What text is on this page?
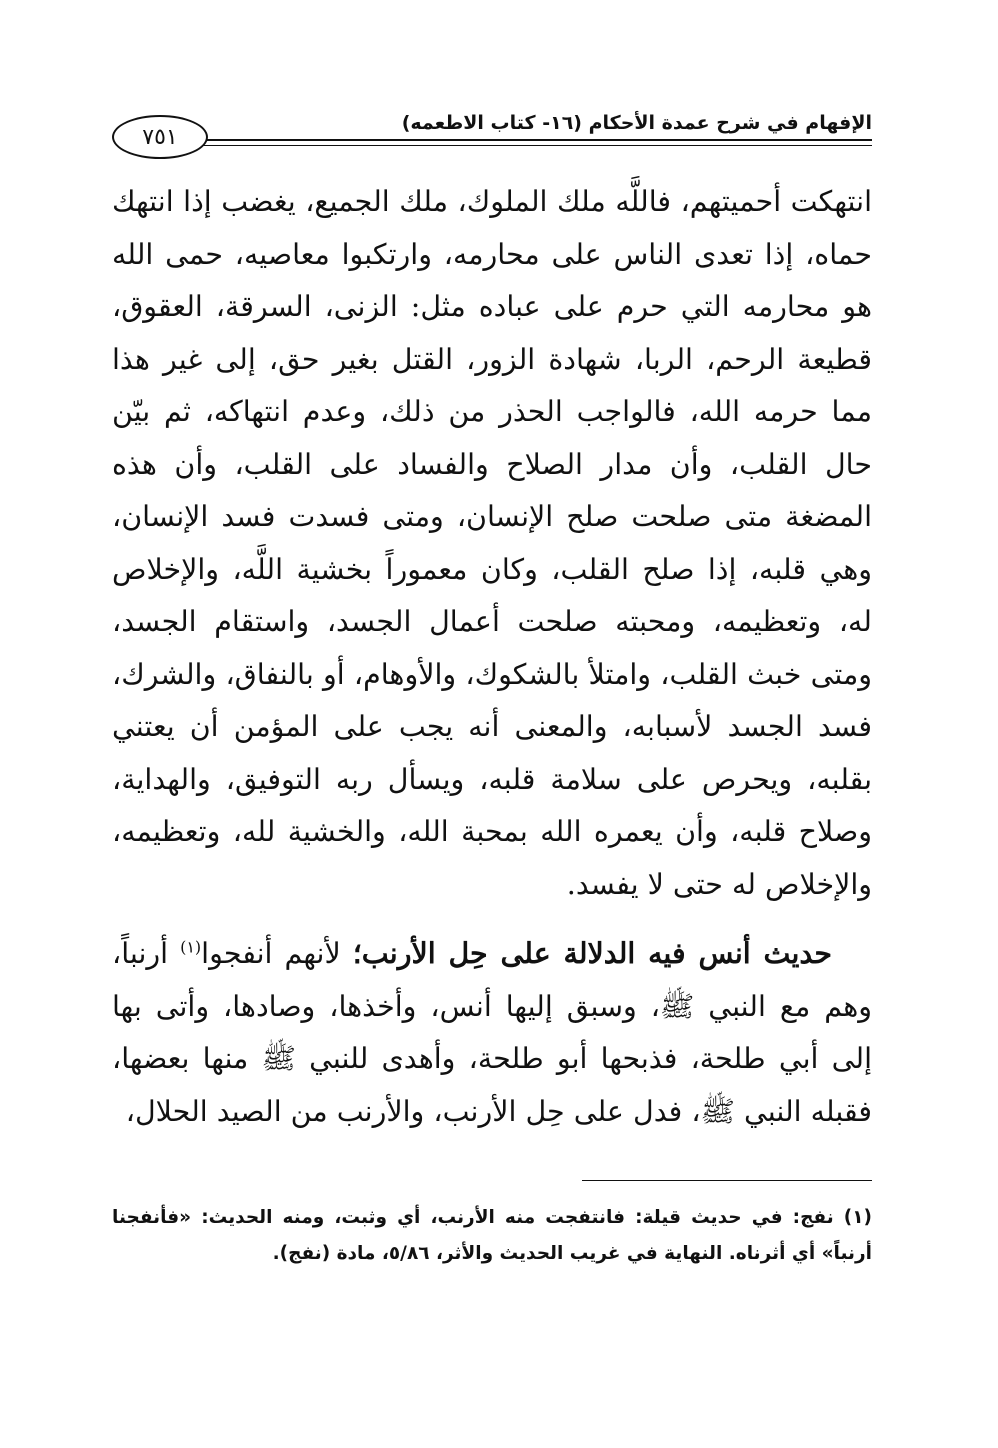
الإفهام في شرح عمدة الأحكام (١٦- كتاب الاطعمه)
٧٥١

انتهكت أحميتهم، فاللَّه ملك الملوك، ملك الجميع، يغضب إذا انتهك حماه، إذا تعدى الناس على محارمه، وارتكبوا معاصيه، حمى الله هو محارمه التي حرم على عباده مثل: الزنى، السرقة، العقوق، قطيعة الرحم، الربا، شهادة الزور، القتل بغير حق، إلى غير هذا مما حرمه الله، فالواجب الحذر من ذلك، وعدم انتهاكه، ثم بيّن حال القلب، وأن مدار الصلاح والفساد على القلب، وأن هذه المضغة متى صلحت صلح الإنسان، ومتى فسدت فسد الإنسان، وهي قلبه، إذا صلح القلب، وكان معموراً بخشية اللَّه، والإخلاص له، وتعظيمه، ومحبته صلحت أعمال الجسد، واستقام الجسد، ومتى خبث القلب، وامتلأ بالشكوك، والأوهام، أو بالنفاق، والشرك، فسد الجسد لأسبابه، والمعنى أنه يجب على المؤمن أن يعتني بقلبه، ويحرص على سلامة قلبه، ويسأل ربه التوفيق، والهداية، وصلاح قلبه، وأن يعمره الله بمحبة الله، والخشية لله، وتعظيمه، والإخلاص له حتى لا يفسد.

حديث أنس فيه الدلالة على حِل الأرنب؛ لأنهم أنفجوا$^{(١)}$ أرنباً، وهم مع النبي ﷺ، وسبق إليها أنس، وأخذها، وصادها، وأتى بها إلى أبي طلحة، فذبحها أبو طلحة، وأهدى للنبي ﷺ منها بعضها، فقبله النبي ﷺ، فدل على حِل الأرنب، والأرنب من الصيد الحلال،

(١) نفج: في حديث قيلة: فانتفجت منه الأرنب، أي وثبت، ومنه الحديث: «فأنفجنا أرنباً» أي أثرناه. النهاية في غريب الحديث والأثر، ٥/٨٦، مادة (نفج).
